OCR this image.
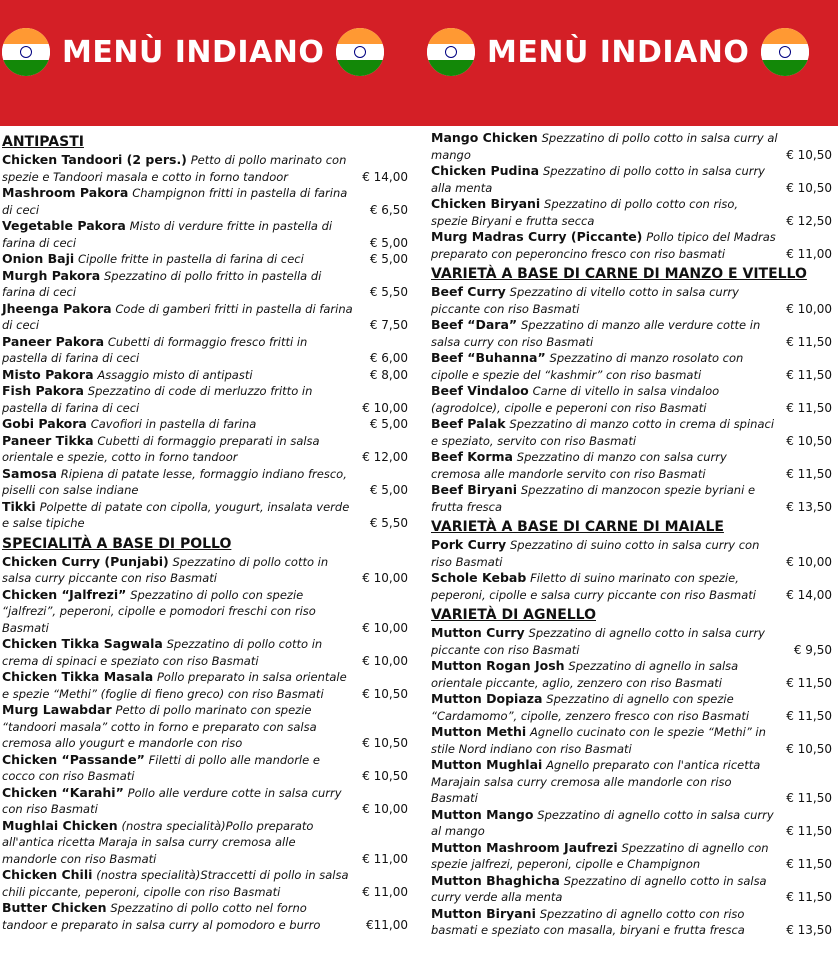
MENÙ INDIANO	MENÙ INDIANO
ANTIPASTI
Chicken Tandoori (2 pers.) Petto di pollo marinato con spezie e Tandoori masala e cotto in forno tandoor	€ 14,00
Mashroom Pakora Champignon fritti in pastella di farina di ceci	€ 6,50
Vegetable Pakora Misto di verdure fritte in pastella di farina di ceci	€ 5,00
Onion Baji Cipolle fritte in pastella di farina di ceci	€ 5,00
Murgh Pakora Spezzatino di pollo fritto in pastella di farina di ceci	€ 5,50
Jheenga Pakora Code di gamberi fritti in pastella di farina di ceci	€ 7,50
Paneer Pakora Cubetti di formaggio fresco fritti in pastella di farina di ceci	€ 6,00
Misto Pakora Assaggio misto di antipasti	€ 8,00
Fish Pakora Spezzatino di code di merluzzo fritto in pastella di farina di ceci	€ 10,00
Gobi Pakora Cavofiori in pastella di farina	€ 5,00
Paneer Tikka Cubetti di formaggio preparati in salsa orientale e spezie, cotto in forno tandoor	€ 12,00
Samosa Ripiena di patate lesse, formaggio indiano fresco, piselli con salse indiane	€ 5,00
Tikki Polpette di patate con cipolla, yougurt, insalata verde e salse tipiche	€ 5,50
SPECIALITÀ A BASE DI POLLO
Chicken Curry (Punjabi) Spezzatino di pollo cotto in salsa curry piccante con riso Basmati	€ 10,00
Chicken “Jalfrezi” Spezzatino di pollo con spezie “jalfrezi”, peperoni, cipolle e pomodori freschi con riso Basmati	€ 10,00
Chicken Tikka Sagwala Spezzatino di pollo cotto in crema di spinaci e speziato con riso Basmati	€ 10,00
Chicken Tikka Masala Pollo preparato in salsa orientale e spezie “Methi” (foglie di fieno greco) con riso Basmati	€ 10,50
Murg Lawabdar Petto di pollo marinato con spezie “tandoori masala” cotto in forno e preparato con salsa cremosa allo yougurt e mandorle con riso	€ 10,50
Chicken “Passande” Filetti di pollo alle mandorle e cocco con riso Basmati	€ 10,50
Chicken “Karahi” Pollo alle verdure cotte in salsa curry con riso Basmati	€ 10,00
Mughlai Chicken (nostra specialità)Pollo preparato all'antica ricetta Maraja in salsa curry cremosa alle mandorle con riso Basmati	€ 11,00
Chicken Chili (nostra specialità)Straccetti di pollo in salsa chili piccante, peperoni, cipolle con riso Basmati	€ 11,00
Butter Chicken Spezzatino di pollo cotto nel forno tandoor e preparato in salsa curry al pomodoro e burro	€11,00
Mango Chicken Spezzatino di pollo cotto in salsa curry al mango	€ 10,50
Chicken Pudina Spezzatino di pollo cotto in salsa curry alla menta	€ 10,50
Chicken Biryani Spezzatino di pollo cotto con riso, spezie Biryani e frutta secca	€ 12,50
Murg Madras Curry (Piccante) Pollo tipico del Madras preparato con peperoncino fresco con riso basmati	€ 11,00
VARIETÀ A BASE DI CARNE DI MANZO E VITELLO
Beef Curry Spezzatino di vitello cotto in salsa curry piccante con riso Basmati	€ 10,00
Beef “Dara” Spezzatino di manzo alle verdure cotte in salsa curry con riso Basmati	€ 11,50
Beef “Buhanna” Spezzatino di manzo rosolato con cipolle e spezie del “kashmir” con riso basmati	€ 11,50
Beef Vindaloo Carne di vitello in salsa vindaloo (agrodolce), cipolle e peperoni con riso Basmati	€ 11,50
Beef Palak Spezzatino di manzo cotto in crema di spinaci e speziato, servito con riso Basmati	€ 10,50
Beef Korma Spezzatino di manzo con salsa curry cremosa alle mandorle servito con riso Basmati	€ 11,50
Beef Biryani Spezzatino di manzocon spezie byriani e frutta fresca	€ 13,50
VARIETÀ A BASE DI CARNE DI MAIALE
Pork Curry Spezzatino di suino cotto in salsa curry con riso Basmati	€ 10,00
Schole Kebab Filetto di suino marinato con spezie, peperoni, cipolle e salsa curry piccante con riso Basmati	€ 14,00
VARIETÀ DI AGNELLO
Mutton Curry Spezzatino di agnello cotto in salsa curry piccante con riso Basmati	€ 9,50
Mutton Rogan Josh Spezzatino di agnello in salsa orientale piccante, aglio, zenzero con riso Basmati	€ 11,50
Mutton Dopiaza Spezzatino di agnello con spezie “Cardamomo”, cipolle, zenzero fresco con riso Basmati	€ 11,50
Mutton Methi Agnello cucinato con le spezie “Methi” in stile Nord indiano con riso Basmati	€ 10,50
Mutton Mughlai Agnello preparato con l'antica ricetta Marajain salsa curry cremosa alle mandorle con riso Basmati	€ 11,50
Mutton Mango Spezzatino di agnello cotto in salsa curry al mango	€ 11,50
Mutton Mashroom Jaufrezi Spezzatino di agnello con spezie jalfrezi, peperoni, cipolle e Champignon	€ 11,50
Mutton Bhaghicha Spezzatino di agnello cotto in salsa curry verde alla menta	€ 11,50
Mutton Biryani Spezzatino di agnello cotto con riso basmati e speziato con masalla, biryani e frutta fresca	€ 13,50
